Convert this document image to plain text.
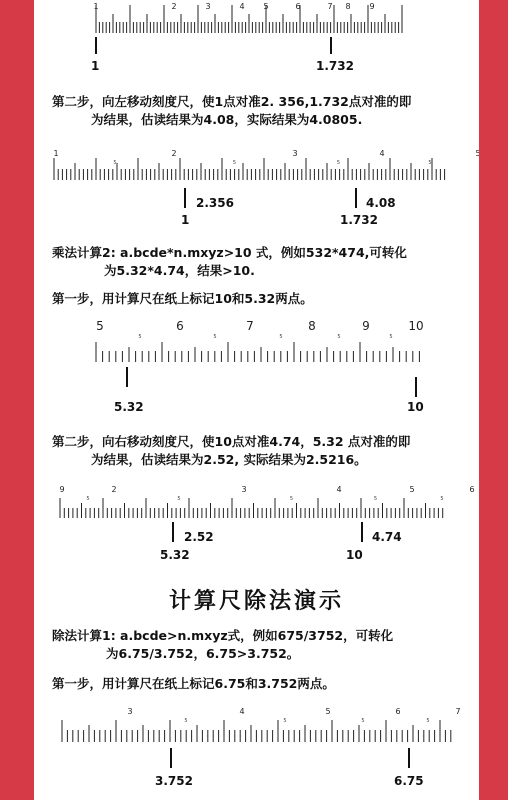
1	2	3	4 5	6	7 8 9
1	1.732
第二步，向左移动刻度尺，使1点对准2. 356,1.732点对准的即
为结果，估读结果为4.08，实际结果为4.0805.
1
5
2
5
3
5
4
5
5
2.356	4.08
1	1.732
乘法计算2: a.bcde*n.mxyz>10 式，例如532*474,可转化
为5.32*4.74，结果>10.
第一步，用计算尺在纸上标记10和5.32两点。
5
5
6
5
7
5
8
5
9
5
10
5.32	10
第二步，向右移动刻度尺，使10点对准4.74，5.32 点对准的即
为结果，估读结果为2.52, 实际结果为2.5216。
9
5
2
5
3
5
4
5
5
5
6
2.52	4.74
5.32	10
计算尺除法演示
除法计算1: a.bcde>n.mxyz式，例如675/3752，可转化
为6.75/3.752，6.75>3.752。
第一步，用计算尺在纸上标记6.75和3.752两点。
3
5
4
5
5
5
6
5
7
3.752	6.75
